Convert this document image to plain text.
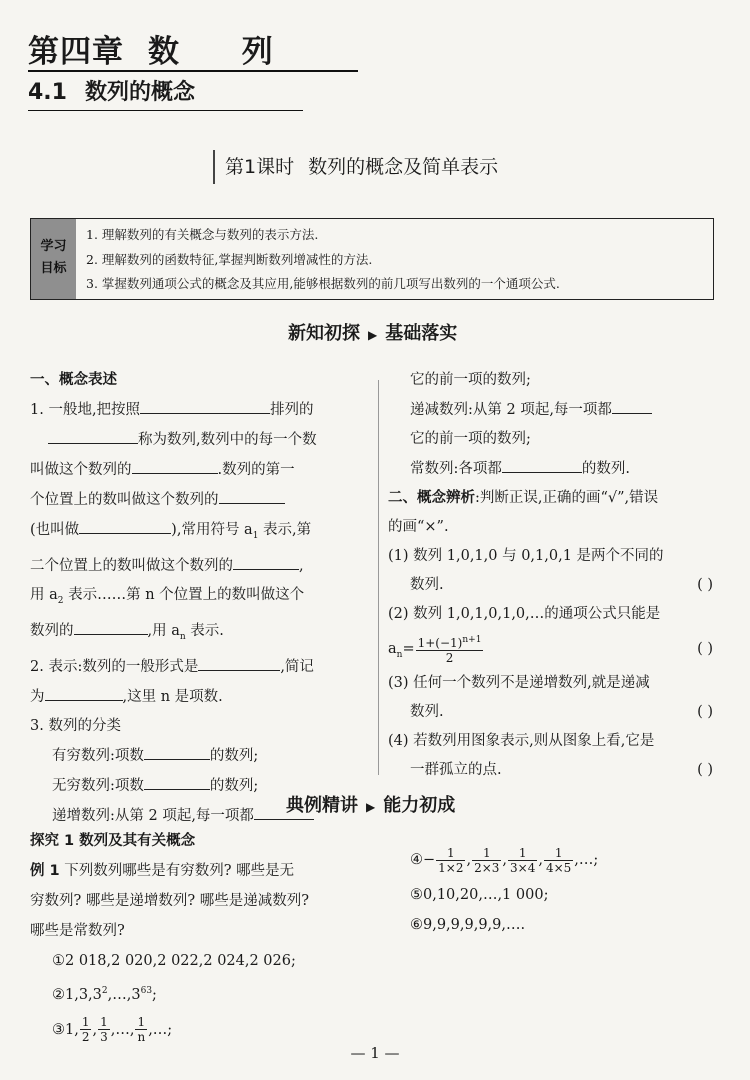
第四章 数 列
4.1 数列的概念
第1课时 数列的概念及简单表示
学习
目标
1. 理解数列的有关概念与数列的表示方法.
2. 理解数列的函数特征,掌握判断数列增减性的方法.
3. 掌握数列通项公式的概念及其应用,能够根据数列的前几项写出数列的一个通项公式.
新知初探 ▶ 基础落实
一、概念表述
1. 一般地,把按照	排列的
称为数列,数列中的每一个数
叫做这个数列的	.数列的第一
个位置上的数叫做这个数列的
(也叫做	),常用符号 $a_1$ 表示,第
二个位置上的数叫做这个数列的	,
用 $a_2$ 表示……第 n 个位置上的数叫做这个
数列的	,用 $a_n$ 表示.
2. 表示:数列的一般形式是	,简记
为	,这里 n 是项数.
3. 数列的分类
有穷数列:项数	的数列;
无穷数列:项数	的数列;
递增数列:从第 2 项起,每一项都
它的前一项的数列;
递减数列:从第 2 项起,每一项都
它的前一项的数列;
常数列:各项都	的数列.
二、概念辨析:判断正误,正确的画“√”,错误
的画“×”.
(1) 数列 1,0,1,0 与 0,1,0,1 是两个不同的
数列.	( )
(2) 数列 1,0,1,0,1,0,…的通项公式只能是
$a_n= \frac{1+(-1)^{n+1}}{2}$	( )
(3) 任何一个数列不是递增数列,就是递减
数列.	( )
(4) 若数列用图象表示,则从图象上看,它是
一群孤立的点.	( )
典例精讲 ▶ 能力初成
探究 1 数列及其有关概念
例 1 下列数列哪些是有穷数列? 哪些是无
穷数列? 哪些是递增数列? 哪些是递减数列?
哪些是常数列?
①2 018,2 020,2 022,2 024,2 026;
$②1,3,3^2,\dots,3^{63}$;
③1, $\frac{1}{2}$ , $\frac{1}{3}$ ,…, $\frac{1}{n}$ ,…;
④− $\frac{1}{1\times 2}$ , $\frac{1}{2\times 3}$ , $\frac{1}{3\times 4}$ , $\frac{1}{4\times 5}$ ,…;
⑤0,10,20,…,1 000;
⑥9,9,9,9,9,9,….
— 1 —
